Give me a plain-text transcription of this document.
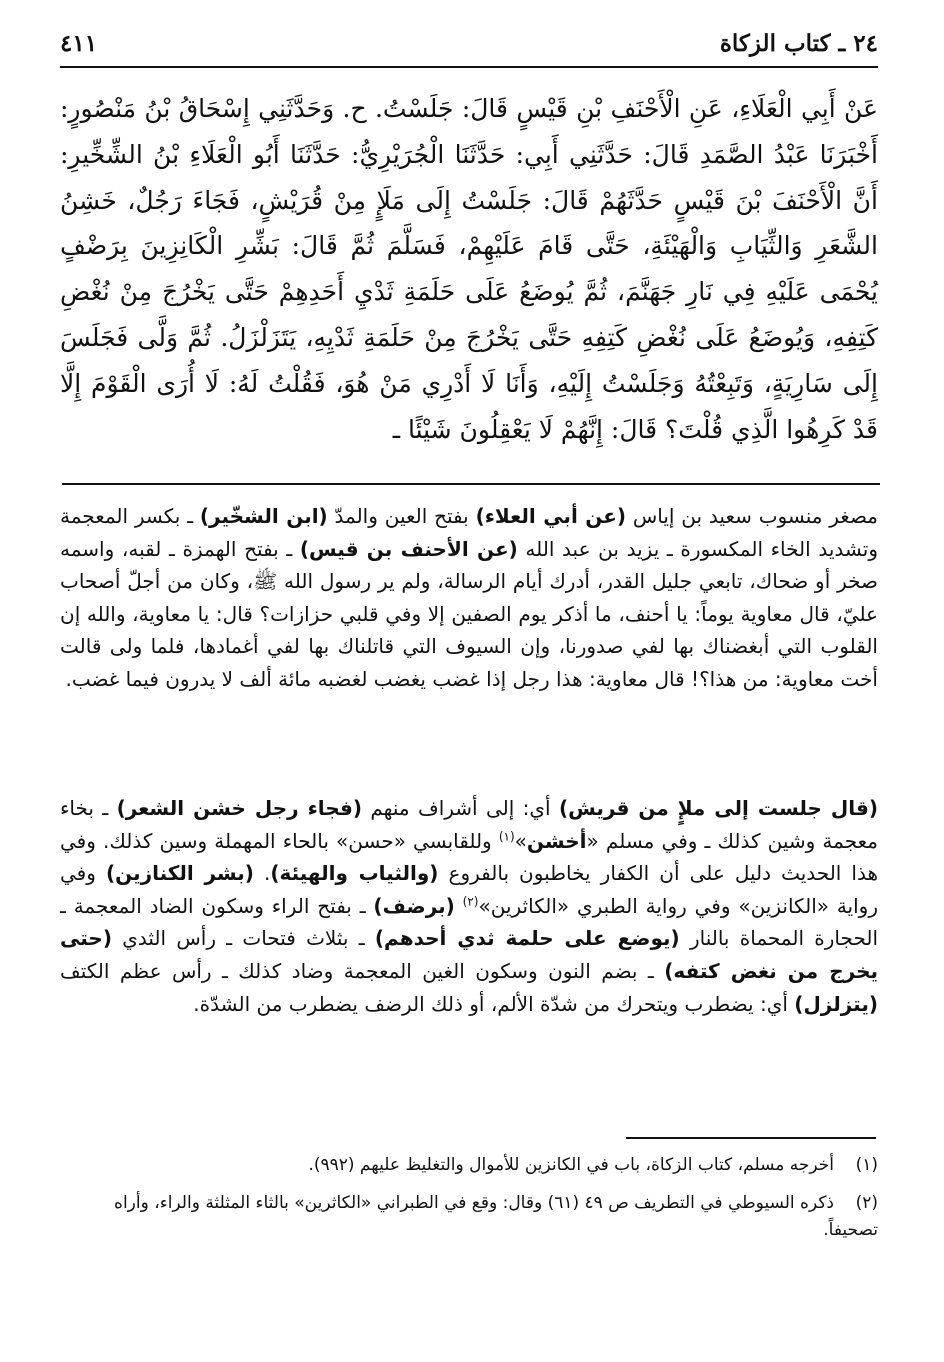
٢٤ ـ كتاب الزكاة
٤١١
عَنْ أَبِي الْعَلَاءِ، عَنِ الْأَحْنَفِ بْنِ قَيْسٍ قَالَ: جَلَسْتُ. ح. وَحَدَّثَنِي إِسْحَاقُ بْنُ مَنْصُورٍ: أَخْبَرَنَا عَبْدُ الصَّمَدِ قَالَ: حَدَّثَنِي أَبِي: حَدَّثَنَا الْجُرَيْرِيُّ: حَدَّثَنَا أَبُو الْعَلَاءِ بْنُ الشِّخِّيرِ: أَنَّ الْأَحْنَفَ بْنَ قَيْسٍ حَدَّثَهُمْ قَالَ: جَلَسْتُ إِلَى مَلَإٍ مِنْ قُرَيْشٍ، فَجَاءَ رَجُلٌ، خَشِنُ الشَّعَرِ وَالثِّيَابِ وَالْهَيْئَةِ، حَتَّى قَامَ عَلَيْهِمْ، فَسَلَّمَ ثُمَّ قَالَ: بَشِّرِ الْكَانِزِينَ بِرَضْفٍ يُحْمَى عَلَيْهِ فِي نَارِ جَهَنَّمَ، ثُمَّ يُوضَعُ عَلَى حَلَمَةِ ثَدْيِ أَحَدِهِمْ حَتَّى يَخْرُجَ مِنْ نُغْضِ كَتِفِهِ، وَيُوضَعُ عَلَى نُغْضِ كَتِفِهِ حَتَّى يَخْرُجَ مِنْ حَلَمَةِ ثَدْيِهِ، يَتَزَلْزَلُ. ثُمَّ وَلَّى فَجَلَسَ إِلَى سَارِيَةٍ، وَتَبِعْتُهُ وَجَلَسْتُ إِلَيْهِ، وَأَنَا لَا أَدْرِي مَنْ هُوَ، فَقُلْتُ لَهُ: لَا أُرَى الْقَوْمَ إِلَّا قَدْ كَرِهُوا الَّذِي قُلْتَ؟ قَالَ: إِنَّهُمْ لَا يَعْقِلُونَ شَيْئًا ـ
مصغر منسوب سعيد بن إياس (عن أبي العلاء) بفتح العين والمدّ (ابن الشخّير) ـ بكسر المعجمة وتشديد الخاء المكسورة ـ يزيد بن عبد الله (عن الأحنف بن قيس) ـ بفتح الهمزة ـ لقبه، واسمه صخر أو ضحاك، تابعي جليل القدر، أدرك أيام الرسالة، ولم ير رسول الله ﷺ، وكان من أجلّ أصحاب عليّ، قال معاوية يوماً: يا أحنف، ما أذكر يوم الصفين إلا وفي قلبي حزازات؟ قال: يا معاوية، والله إن القلوب التي أبغضناك بها لفي صدورنا، وإن السيوف التي قاتلناك بها لفي أغمادها، فلما ولى قالت أخت معاوية: من هذا؟! قال معاوية: هذا رجل إذا غضب يغضب لغضبه مائة ألف لا يدرون فيما غضب.
(قال جلست إلى ملإٍ من قريش) أي: إلى أشراف منهم (فجاء رجل خشن الشعر) ـ بخاء معجمة وشين كذلك ـ وفي مسلم «أخشن»$^{(١)}$ وللقابسي «حسن» بالحاء المهملة وسين كذلك. وفي هذا الحديث دليل على أن الكفار يخاطبون بالفروع (والثياب والهيئة). (بشر الكنازين) وفي رواية «الكانزين» وفي رواية الطبري «الكاثرين»$^{(٢)}$ (برضف) ـ بفتح الراء وسكون الضاد المعجمة ـ الحجارة المحماة بالنار (يوضع على حلمة ثدي أحدهم) ـ بثلاث فتحات ـ رأس الثدي (حتى يخرج من نغض كتفه) ـ بضم النون وسكون الغين المعجمة وضاد كذلك ـ رأس عظم الكتف (يتزلزل) أي: يضطرب ويتحرك من شدّة الألم، أو ذلك الرضف يضطرب من الشدّة.
(١)أخرجه مسلم، كتاب الزكاة، باب في الكانزين للأموال والتغليظ عليهم (٩٩٢).
(٢)ذكره السيوطي في التطريف ص ٤٩ (٦١) وقال: وقع في الطبراني «الكاثرين» بالثاء المثلثة والراء، وأراه تصحيفاً.
